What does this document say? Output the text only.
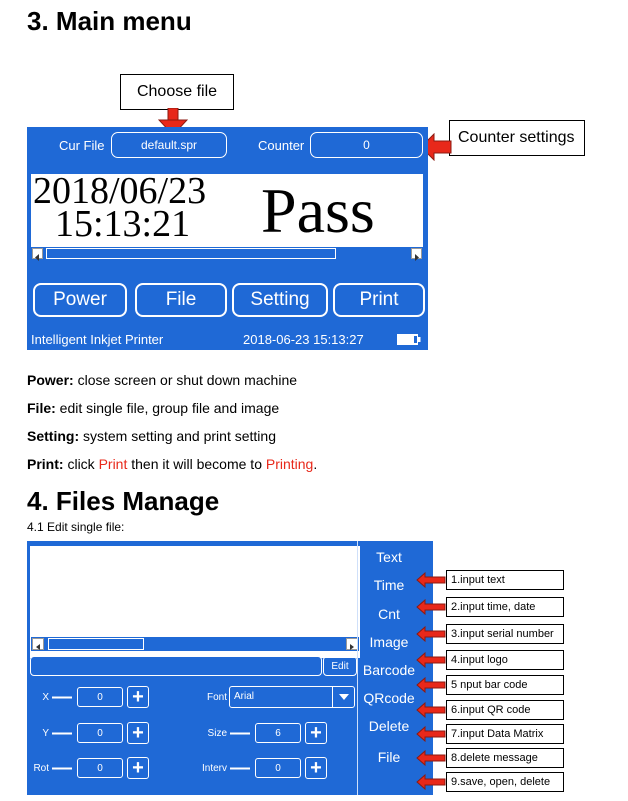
3. Main menu
Choose file
Counter settings
Cur File	default.spr	Counter	0
2018/06/23
15:13:21 Pass
Power	File	Setting	Print
Intelligent Inkjet Printer	2018-06-23 15:13:27
Power: close screen or shut down machine
File: edit single file, group file and image
Setting: system setting and print setting
Print: click Print then it will become to Printing.
4. Files Manage
4.1 Edit single file:
Edit
Text
Time
Cnt
Image
Barcode
QRcode
Delete
File
X —	0	+
Y —	0	+
Rot —	0	+
Font Arial
Size —	6	+
Interv —	0	+
1.input text
2.input time, date
3.input serial number
4.input logo
5 nput bar code
6.input QR code
7.input Data Matrix
8.delete message
9.save, open, delete
